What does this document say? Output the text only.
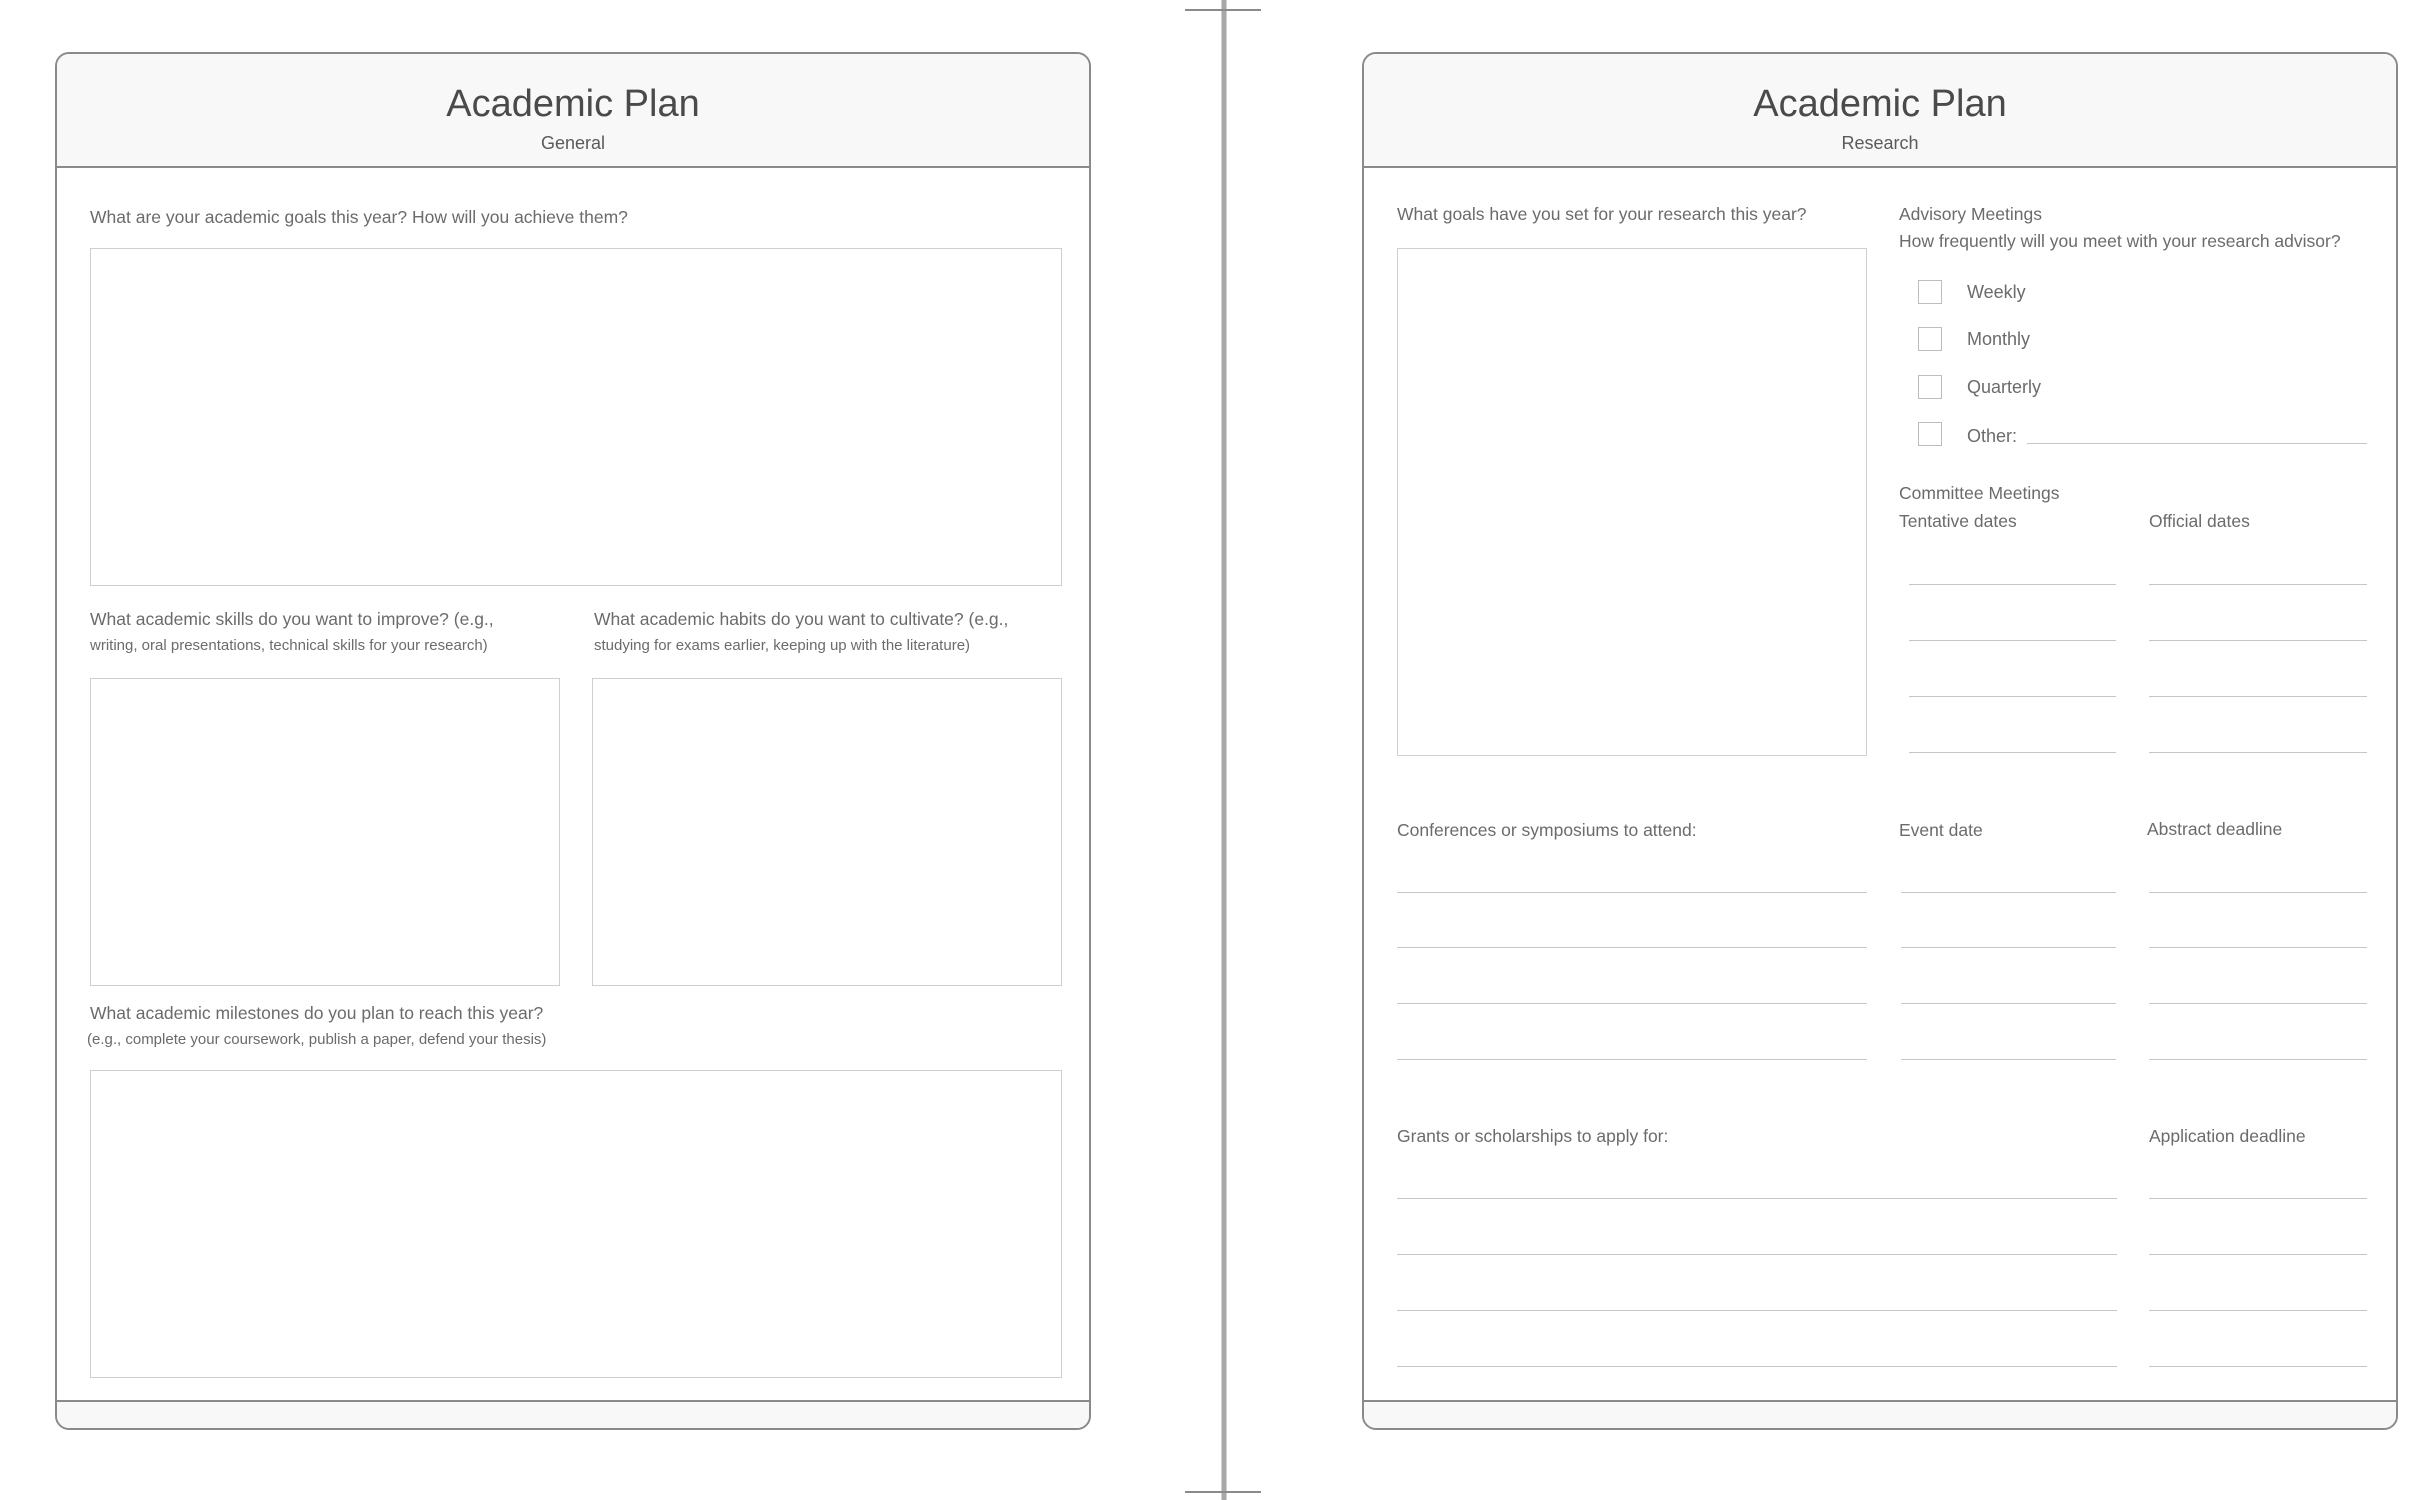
Academic Plan
General
What are your academic goals this year? How will you achieve them?
What academic skills do you want to improve? (e.g.,
writing, oral presentations, technical skills for your research)
What academic habits do you want to cultivate? (e.g.,
studying for exams earlier, keeping up with the literature)
What academic milestones do you plan to reach this year?
(e.g., complete your coursework, publish a paper, defend your thesis)
Academic Plan
Research
What goals have you set for your research this year?	Advisory Meetings
How frequently will you meet with your research advisor?
Weekly
Monthly
Quarterly
Other:
Committee Meetings
Tentative dates	Official dates
Conferences or symposiums to attend:	Event date	Abstract deadline
Grants or scholarships to apply for:	Application deadline
